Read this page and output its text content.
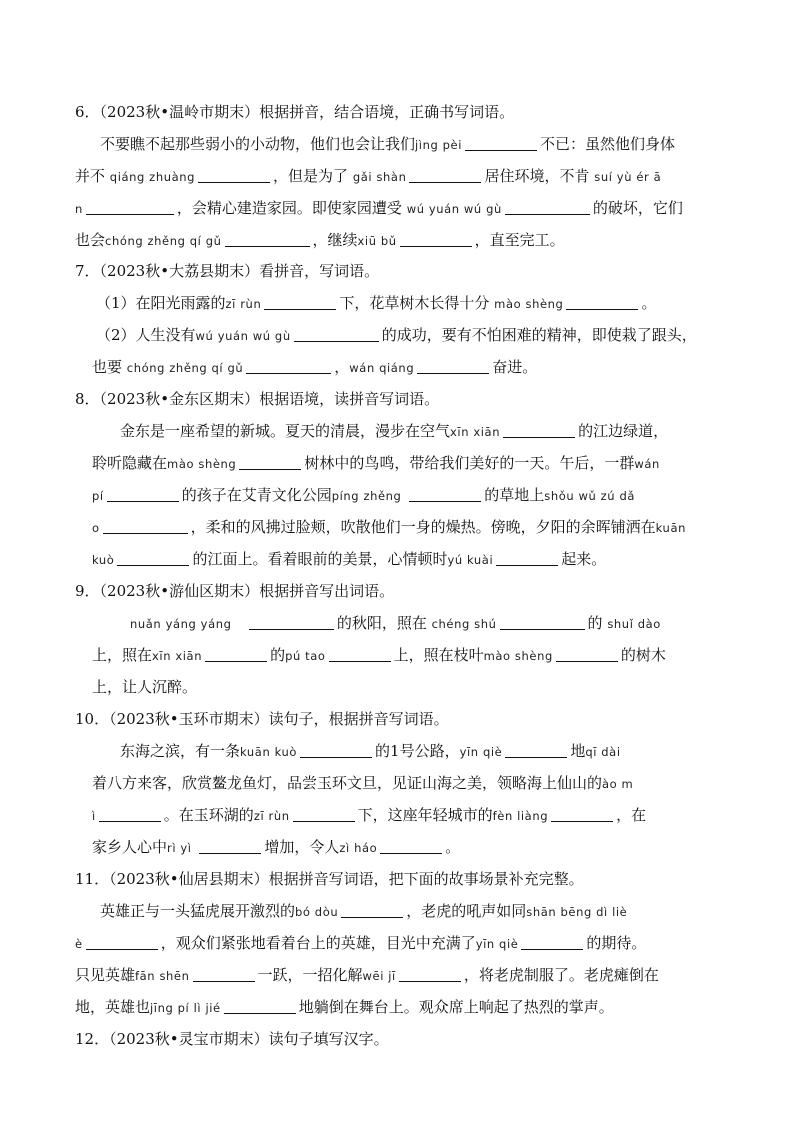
6．（2023秋•温岭市期末）根据拼音，结合语境，正确书写词语。
不要瞧不起那些弱小的小动物，他们也会让我们jìng pèi	不已：虽然他们身体
并不 qiáng zhuàng	，但是为了 gǎi shàn	居住环境，不肯 suí yù ér ā
n	，会精心建造家园。即使家园遭受 wú yuán wú gù	的破坏，它们
也会chóng zhěng qí gǔ	，继续xiū bǔ	，直至完工。
7．（2023秋•大荔县期末）看拼音，写词语。
（1）在阳光雨露的zī rùn	下，花草树木长得十分 mào shèng	。
（2）人生没有wú yuán wú gù	的成功，要有不怕困难的精神，即使栽了跟头，
也要 chóng zhěng qí gǔ	，wán qiáng	奋进。
8．（2023秋•金东区期末）根据语境，读拼音写词语。
金东是一座希望的新城。夏天的清晨，漫步在空气xīn xiān	的江边绿道，
聆听隐藏在mào shèng	树林中的鸟鸣，带给我们美好的一天。午后，一群wán
pí	的孩子在艾青文化公园píng zhěng	的草地上shǒu wǔ zú dǎ
o	，柔和的风拂过脸颊，吹散他们一身的燥热。傍晚，夕阳的余晖铺洒在kuān
kuò	的江面上。看着眼前的美景，心情顿时yú kuài	起来。
9．（2023秋•游仙区期末）根据拼音写出词语。
nuǎn yáng yáng	的秋阳，照在 chéng shú	的 shuǐ dào
上，照在xīn xiān	的pú tao	上，照在枝叶mào shèng	的树木
上，让人沉醉。
10．（2023秋•玉环市期末）读句子，根据拼音写词语。
东海之滨，有一条kuān kuò	的1号公路，yīn qiè	地qī dài
着八方来客，欣赏鳌龙鱼灯，品尝玉环文旦，见证山海之美，领略海上仙山的ào m
ì	。在玉环湖的zī rùn	下，这座年轻城市的fèn liàng	，在
家乡人心中rì yì	增加，令人zì háo	。
11．（2023秋•仙居县期末）根据拼音写词语，把下面的故事场景补充完整。
英雄正与一头猛虎展开激烈的bó dòu	，老虎的吼声如同shān bēng dì liè
è	，观众们紧张地看着台上的英雄，目光中充满了yīn qiè	的期待。
只见英雄fān shēn	一跃，一招化解wēi jī	，将老虎制服了。老虎瘫倒在
地，英雄也jīng pí lì jié	地躺倒在舞台上。观众席上响起了热烈的掌声。
12．（2023秋•灵宝市期末）读句子填写汉字。
